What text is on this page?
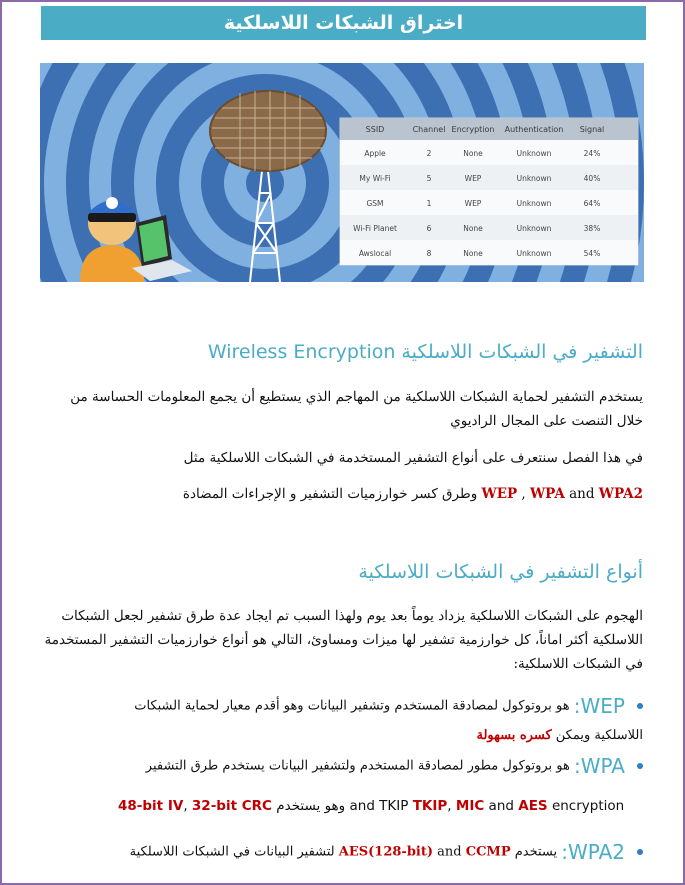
اختراق الشبكات اللاسلكية
SSID	Channel Encryption Authentication Signal
Apple	2	None	Unknown	24%
My Wi-Fi	5	WEP	Unknown	40%
GSM	1	WEP	Unknown	64%
Wi-Fi Planet	6	None	Unknown	38%
Awslocal	8	None	Unknown	54%
التشفير في الشبكات اللاسلكية Wireless Encryption
يستخدم التشفير لحماية الشبكات اللاسلكية من المهاجم الذي يستطيع أن يجمع المعلومات الحساسة من خلال التنصت على المجال الراديوي
في هذا الفصل سنتعرف على أنواع التشفير المستخدمة في الشبكات اللاسلكية مثل
WEP , WPA and WPA2 وطرق كسر خوارزميات التشفير و الإجراءات المضادة
أنواع التشفير في الشبكات اللاسلكية
الهجوم على الشبكات اللاسلكية يزداد يوماً بعد يوم ولهذا السبب تم ايجاد عدة طرق تشفير لجعل الشبكات اللاسلكية أكثر اماناً، كل خوارزمية تشفير لها ميزات ومساوئ، التالي هو أنواع خوارزميات التشفير المستخدمة في الشبكات اللاسلكية:
WEP: هو بروتوكول لمصادقة المستخدم وتشفير البيانات وهو أقدم معيار لحماية الشبكات
اللاسلكية ويمكن كسره بسهولة
WPA: هو بروتوكول مطور لمصادقة المستخدم ولتشفير البيانات يستخدم طرق التشفير
48-bit IV, 32-bit CRC and TKIP وهو يستخدم TKIP, MIC and AES encryption
WPA2: يستخدم AES(128-bit) and CCMP لتشفير البيانات في الشبكات اللاسلكية
